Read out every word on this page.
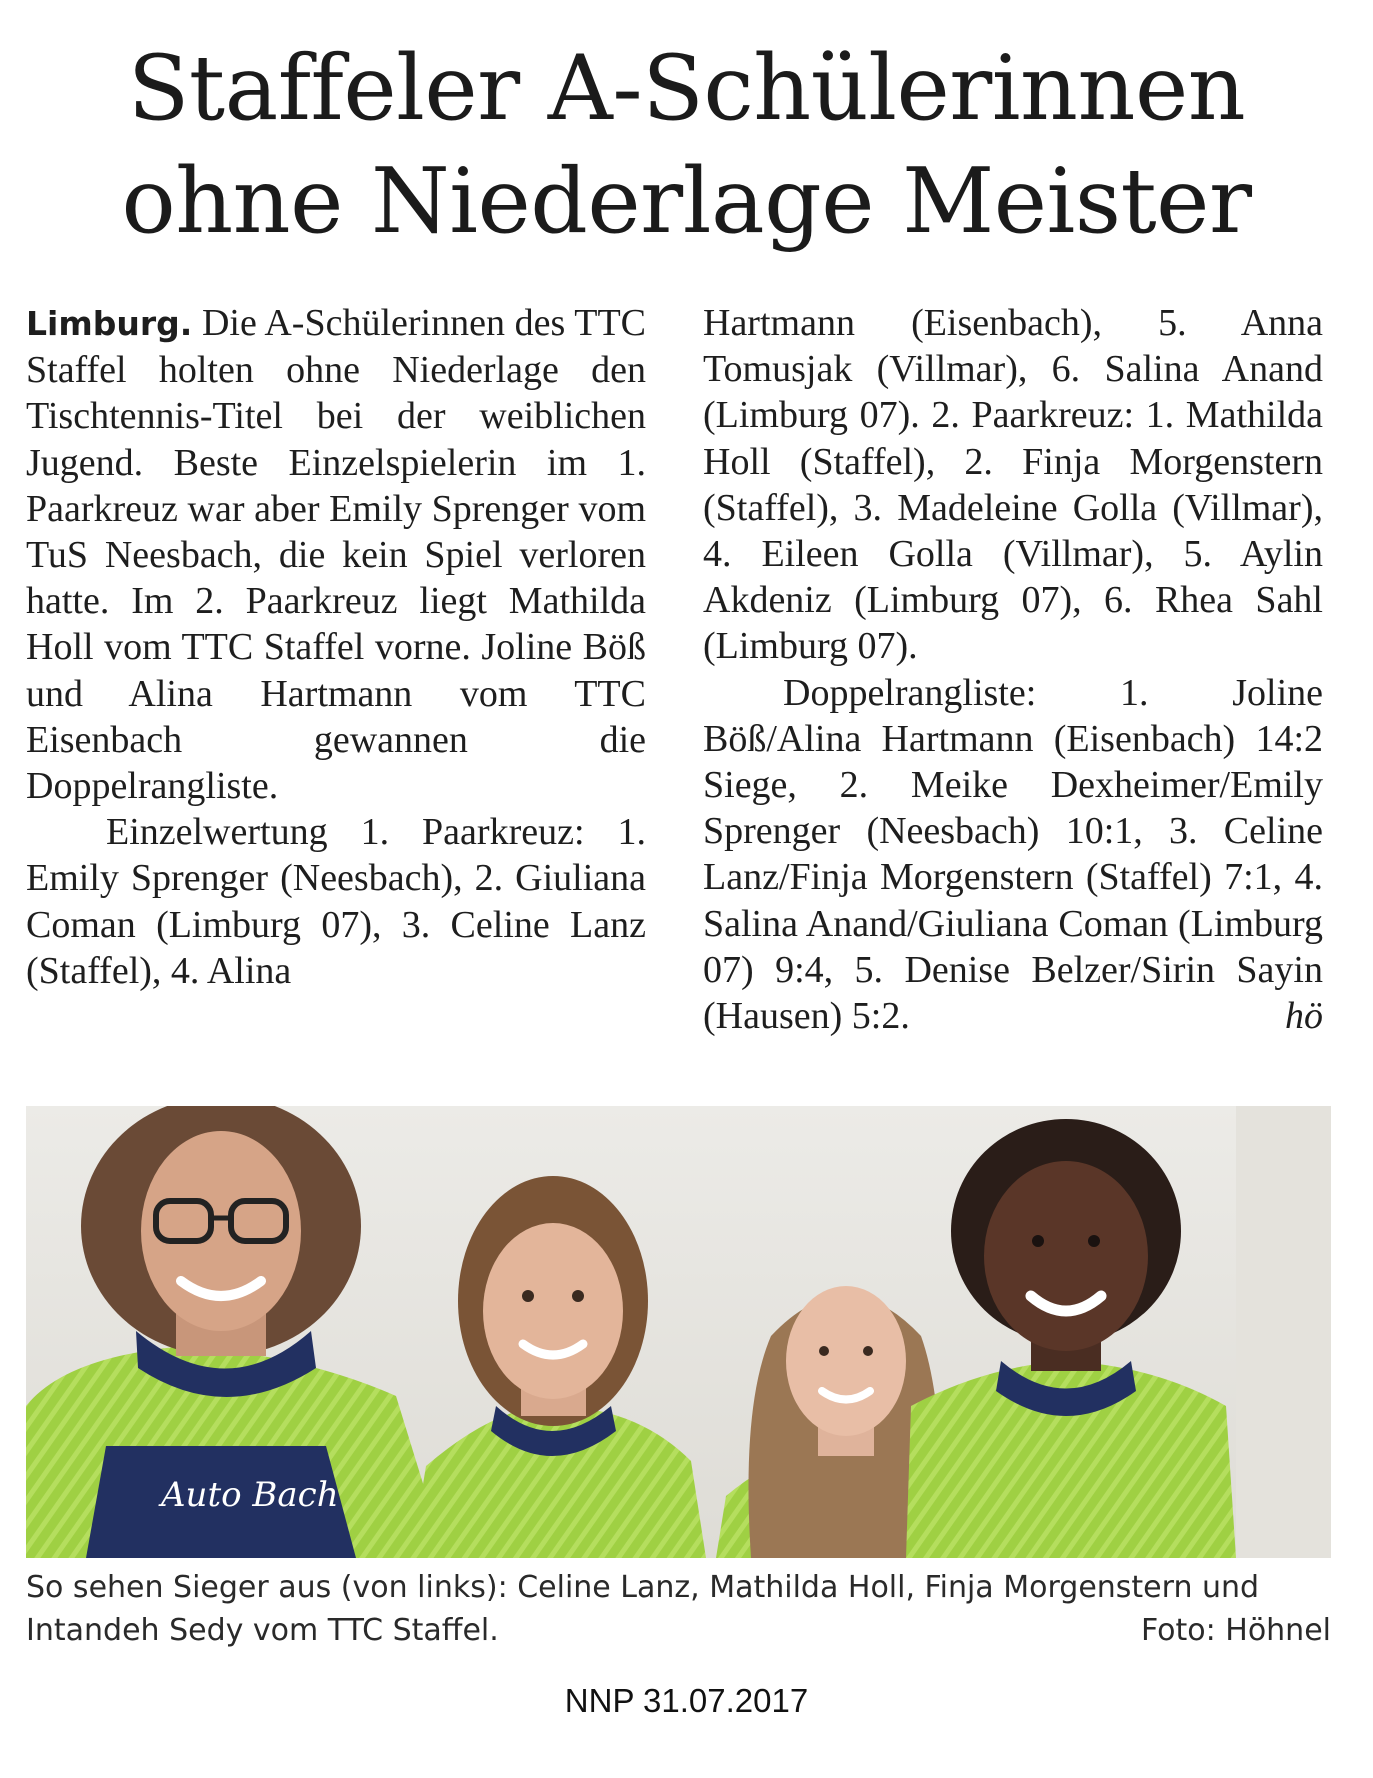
Staffeler A-Schülerinnen
ohne Niederlage Meister

Limburg. Die A-Schülerinnen des TTC Staffel holten ohne Niederlage den Tischtennis-Titel bei der weiblichen Jugend. Beste Einzelspielerin im 1. Paarkreuz war aber Emily Sprenger vom TuS Neesbach, die kein Spiel verloren hatte. Im 2. Paarkreuz liegt Mathilda Holl vom TTC Staffel vorne. Joline Böß und Alina Hartmann vom TTC Eisenbach gewannen die Doppelrangliste.

Einzelwertung 1. Paarkreuz: 1. Emily Sprenger (Neesbach), 2. Giuliana Coman (Limburg 07), 3. Celine Lanz (Staffel), 4. Alina

Hartmann (Eisenbach), 5. Anna Tomusjak (Villmar), 6. Salina Anand (Limburg 07). 2. Paarkreuz: 1. Mathilda Holl (Staffel), 2. Finja Morgenstern (Staffel), 3. Madeleine Golla (Villmar), 4. Eileen Golla (Villmar), 5. Aylin Akdeniz (Limburg 07), 6. Rhea Sahl (Limburg 07).

Doppelrangliste: 1. Joline Böß/Alina Hartmann (Eisenbach) 14:2 Siege, 2. Meike Dexheimer/Emily Sprenger (Neesbach) 10:1, 3. Celine Lanz/Finja Morgenstern (Staffel) 7:1, 4. Salina Anand/Giuliana Coman (Limburg 07) 9:4, 5. Denise Belzer/Sirin Sayin (Hausen) 5:2.	hö

Auto Bach

So sehen Sieger aus (von links): Celine Lanz, Mathilda Holl, Finja Morgenstern und Intandeh Sedy vom TTC Staffel.	Foto: Höhnel

NNP 31.07.2017
